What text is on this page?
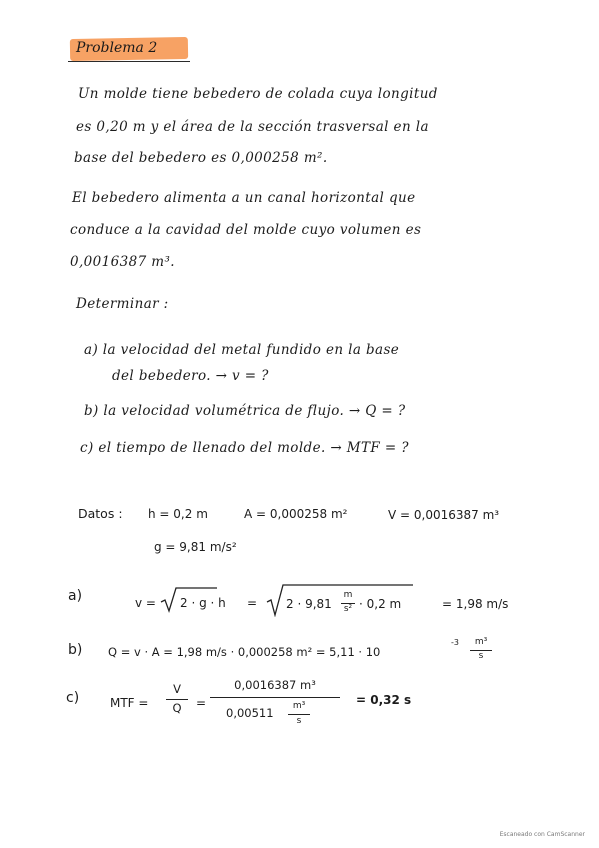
Problema 2
Un molde tiene bebedero de colada cuya longitud
es 0,20 m y el área de la sección trasversal en la
base del bebedero es 0,000258 m².
El bebedero alimenta a un canal horizontal que
conduce a la cavidad del molde cuyo volumen es
0,0016387 m³.
Determinar :
a) la velocidad del metal fundido en la base
del bebedero. → v = ?
b) la velocidad volumétrica de flujo. → Q = ?
c) el tiempo de llenado del molde. → MTF = ?
Datos : h = 0,2 m	A = 0,000258 m²	V = 0,0016387 m³
g = 9,81 m/s²
a)	v = 2 · g · h = 2 · 9,81
m
s² · 0,2 m	= 1,98 m/s
b) Q = v · A = 1,98 m/s · 0,000258 m² = 5,11 · 10
-3	m³
s
c)	MTF =
V
Q	=
0,0016387 m³
0,00511	m³
s
= 0,32 s
Escaneado con CamScanner
